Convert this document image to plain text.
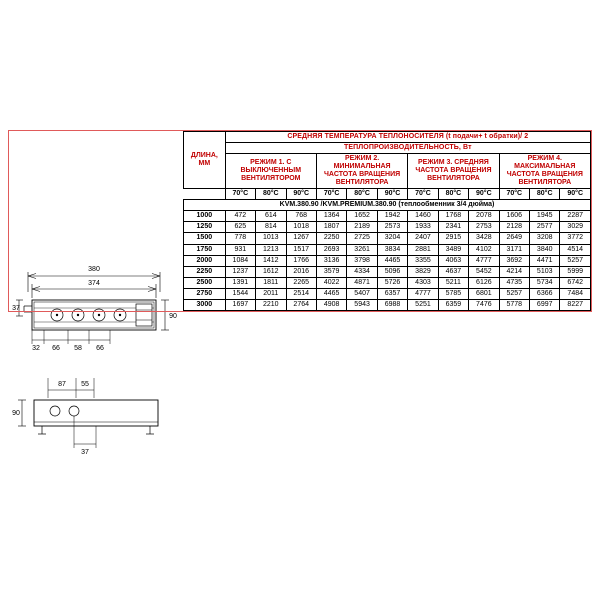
380
374
37
90
32 66 58 66
87 55
90
37

	ДЛИНА,
ММ	СРЕДНЯЯ ТЕМПЕРАТУРА ТЕПЛОНОСИТЕЛЯ (t подачи+ t обратки)/ 2											
		ТЕПЛОПРОИЗВОДИТЕЛЬНОСТЬ, Вт											
		РЕЖИМ 1. С ВЫКЛЮЧЕННЫМ ВЕНТИЛЯТОРОМ			РЕЖИМ 2. МИНИМАЛЬНАЯ ЧАСТОТА ВРАЩЕНИЯ ВЕНТИЛЯТОРА			РЕЖИМ 3. СРЕДНЯЯ ЧАСТОТА ВРАЩЕНИЯ ВЕНТИЛЯТОРА			РЕЖИМ 4. МАКСИМАЛЬНАЯ ЧАСТОТА ВРАЩЕНИЯ ВЕНТИЛЯТОРА		
		70°C	80°C	90°C	70°C	80°C	90°C	70°C	80°C	90°C	70°C	80°C	90°C
	KVM.380.90 /KVM.PREMIUM.380.90 (теплообменник 3/4 дюйма)												
	1000	472	614	768	1364	1652	1942	1460	1768	2078	1606	1945	2287
	1250	625	814	1018	1807	2189	2573	1933	2341	2753	2128	2577	3029
	1500	778	1013	1267	2250	2725	3204	2407	2915	3428	2649	3208	3772
	1750	931	1213	1517	2693	3261	3834	2881	3489	4102	3171	3840	4514
	2000	1084	1412	1766	3136	3798	4465	3355	4063	4777	3692	4471	5257
	2250	1237	1612	2016	3579	4334	5096	3829	4637	5452	4214	5103	5999
	2500	1391	1811	2265	4022	4871	5726	4303	5211	6126	4735	5734	6742
	2750	1544	2011	2514	4465	5407	6357	4777	5785	6801	5257	6366	7484
	3000	1697	2210	2764	4908	5943	6988	5251	6359	7476	5778	6997	8227
